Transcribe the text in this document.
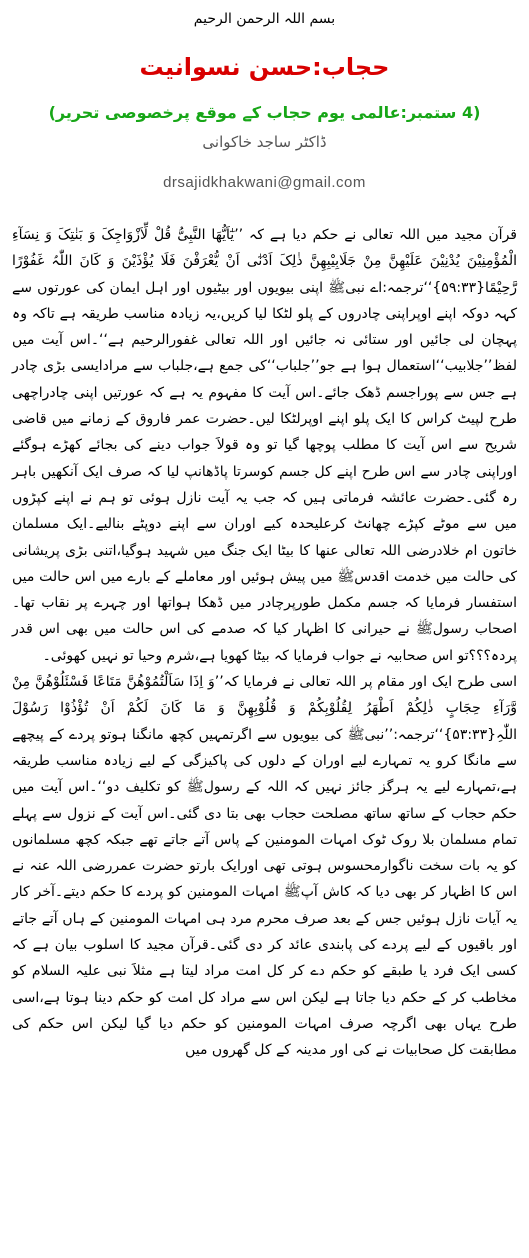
بسم اللہ الرحمن الرحیم
حجاب:حسن نسوانیت
(4 ستمبر:عالمی یوم حجاب کے موقع پرخصوصی تحریر)
ڈاکٹر ساجد خاکوانی
drsajidkhakwani@gmail.com

قرآن مجید میں اللہ تعالی نے حکم دیا ہے کہ ’’یٰٓاَیُّھَا النَّبِیُّ قُلْ لِّاَزْوَاجِکَ وَ بَنٰتِکَ وَ نِسَآءِ الْمُؤْمِنِیْنَ یُدْنِیْنَ عَلَیْھِنَّ مِنْ جَلَابِیْبِھِنَّ ذٰلِکَ اَدْنٰٓی اَنْ یُّعْرَفْنَ فَلَا یُؤْذَیْنَ وَ کَانَ اللّٰہُ غَفُوْرًا رَّحِیْمًا{۵۹:۳۳}‘‘ترجمہ:اے نبیﷺ اپنی بیویوں اور بیٹیوں اور اہل ایمان کی عورتوں سے کہہ دوکہ اپنے اوپراپنی چادروں کے پلو لٹکا لیا کریں،یہ زیادہ مناسب طریقہ ہے تاکہ وہ پہچان لی جائیں اور ستائی نہ جائیں اور اللہ تعالی غفورالرحیم ہے‘‘۔اس آیت میں لفظ’’جلابیب‘‘استعمال ہوا ہے جو’’جلباب‘‘کی جمع ہے،جلباب سے مرادایسی بڑی چادر ہے جس سے پوراجسم ڈھک جائے۔اس آیت کا مفہوم یہ ہے کہ عورتیں اپنی چادراچھی طرح لپیٹ کراس کا ایک پلو اپنے اوپرلٹکا لیں۔حضرت عمر فاروق کے زمانے میں قاضی شریح سے اس آیت کا مطلب پوچھا گیا تو وہ قولاََ جواب دینے کی بجائے کھڑے ہوگئے اوراپنی چادر سے اس طرح اپنے کل جسم کوسرتا پاڈھانپ لیا کہ صرف ایک آنکھیں باہر رہ گئی۔حضرت عائشہ فرماتی ہیں کہ جب یہ آیت نازل ہوئی تو ہم نے اپنے کپڑوں میں سے موٹے کپڑے چھانٹ کرعلیحدہ کیے اوران سے اپنے دوپٹے بنالیے۔ایک مسلمان خاتون ام خلادرضی اللہ تعالی عنھا کا بیٹا ایک جنگ میں شہید ہوگیا،اتنی بڑی پریشانی کی حالت میں خدمت اقدسﷺ میں پیش ہوئیں اور معاملے کے بارے میں اس حالت میں استفسار فرمایا کہ جسم مکمل طورپرچادر میں ڈھکا ہواتھا اور چہرے پر نقاب تھا۔اصحاب رسولﷺ نے حیرانی کا اظہار کیا کہ صدمے کی اس حالت میں بھی اس قدر پردہ؟؟؟تو اس صحابیہ نے جواب فرمایا کہ بیٹا کھویا ہے،شرم وحیا تو نہیں کھوئی۔

اسی طرح ایک اور مقام پر اللہ تعالی نے فرمایا کہ’’وَ اِذَا سَاَلْتُمُوْھُنَّ مَتَاعًا فَسْئَلُوْھُنَّ مِنْ وَّرَآءِ حِجَابٍ ذٰلِکُمْ اَطْھَرُ لِقُلُوْبِکُمْ وَ قُلُوْبِھِنَّ وَ مَا کَانَ لَکُمْ اَنْ تُؤْذُوْا رَسُوْلَ اللّٰہِ{۵۳:۳۳}‘‘ترجمہ:’’نبیﷺ کی بیویوں سے اگرتمہیں کچھ مانگنا ہوتو پردے کے پیچھے سے مانگا کرو یہ تمہارے لیے اوران کے دلوں کی پاکیزگی کے لیے زیادہ مناسب طریقہ ہے،تمہارے لیے یہ ہرگز جائز نہیں کہ اللہ کے رسولﷺ کو تکلیف دو‘‘۔اس آیت میں حکم حجاب کے ساتھ ساتھ مصلحت حجاب بھی بتا دی گئی۔اس آیت کے نزول سے پہلے تمام مسلمان بلا روک ٹوک امہات المومنین کے پاس آتے جاتے تھے جبکہ کچھ مسلمانوں کو یہ بات سخت ناگوارمحسوس ہوتی تھی اورایک بارتو حضرت عمررضی اللہ عنہ نے اس کا اظہار کر بھی دیا کہ کاش آپﷺ امہات المومنین کو پردے کا حکم دیتے۔آخر کار یہ آیات نازل ہوئیں جس کے بعد صرف محرم مرد ہی امہات المومنین کے ہاں آتے جاتے اور باقیوں کے لیے پردے کی پابندی عائد کر دی گئی۔قرآن مجید کا اسلوب بیان ہے کہ کسی ایک فرد یا طبقے کو حکم دے کر کل امت مراد لیتا ہے مثلاََ نبی علیہ السلام کو مخاطب کر کے حکم دیا جاتا ہے لیکن اس سے مراد کل امت کو حکم دینا ہوتا ہے،اسی طرح یہاں بھی اگرچہ صرف امہات المومنین کو حکم دیا گیا لیکن اس حکم کی مطابقت کل صحابیات نے کی اور مدینہ کے کل گھروں میں
